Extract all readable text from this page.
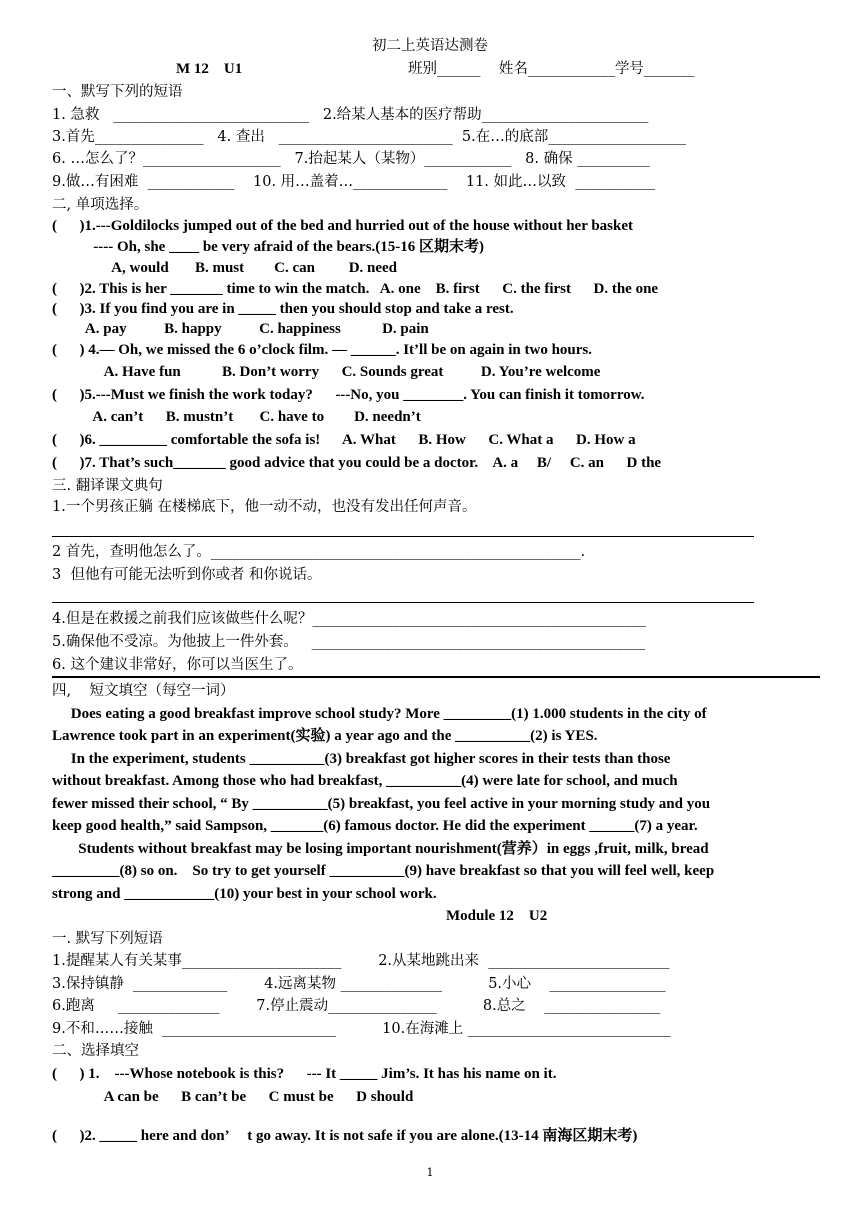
初二上英语达测卷
M 12    U1	班别______    姓名____________学号_______
一、默写下列的短语
1. 急救   ___________________________   2.给某人基本的医疗帮助_______________________
3.首先_______________   4. 查出   ________________________  5.在…的底部___________________
6. …怎么了？___________________   7.抬起某人（某物）____________   8. 确保 __________
9.做…有困难  ____________    10. 用…盖着…_____________    11. 如此…以致  ___________
二, 单项选择。
(      )1.---Goldilocks jumped out of the bed and hurried out of the house without her basket
---- Oh, she ____ be very afraid of the bears.(15-16 区期末考)
A, would       B. must        C. can         D. need
(      )2. This is her _______ time to win the match.   A. one    B. first      C. the first      D. the one
(      )3. If you find you are in _____ then you should stop and take a rest.
A. pay          B. happy          C. happiness           D. pain
(      ) 4.— Oh, we missed the 6 o’clock film. — ______. It’ll be on again in two hours.
A. Have fun           B. Don’t worry      C. Sounds great          D. You’re welcome
(      )5.---Must we finish the work today?      ---No, you ________. You can finish it tomorrow.
A. can’t      B. mustn’t       C. have to        D. needn’t
(      )6. _________ comfortable the sofa is!      A. What      B. How      C. What a      D. How a
(      )7. That’s such_______ good advice that you could be a doctor.    A. a     B/     C. an      D the
三. 翻译课文典句
1.一个男孩正躺 在楼梯底下，他一动不动，也没有发出任何声音。
2 首先，查明他怎么了。___________________________________________________.
3  但他有可能无法听到你或者 和你说话。
4.但是在救援之前我们应该做些什么呢？______________________________________________
5.确保他不受凉。为他披上一件外套。   ______________________________________________
6. 这个建议非常好，你可以当医生了。
四,    短文填空（每空一词）
Does eating a good breakfast improve school study? More _________(1) 1.000 students in the city of
Lawrence took part in an experiment(实验) a year ago and the __________(2) is YES.
In the experiment, students __________(3) breakfast got higher scores in their tests than those
without breakfast. Among those who had breakfast, __________(4) were late for school, and much
fewer missed their school, “ By __________(5) breakfast, you feel active in your morning study and you
keep good health,” said Sampson, _______(6) famous doctor. He did the experiment ______(7) a year.
Students without breakfast may be losing important nourishment(营养）in eggs ,fruit, milk, bread
_________(8) so on.    So try to get yourself __________(9) have breakfast so that you will feel well, keep
strong and ____________(10) your best in your school work.
Module 12    U2
一. 默写下列短语
1.提醒某人有关某事______________________        2.从某地跳出来  _________________________
3.保持镇静  _____________        4.远离某物 ______________          5.小心    ________________
6.跑离     ______________        7.停止震动_______________          8.总之    ________________
9.不和……接触  ________________________          10.在海滩上 ____________________________
二、选择填空
(      ) 1.    ---Whose notebook is this?      --- It _____ Jim’s. It has his name on it.
A can be      B can’t be      C must be      D should
(      )2. _____ here and don’     t go away. It is not safe if you are alone.(13-14 南海区期末考)
1
